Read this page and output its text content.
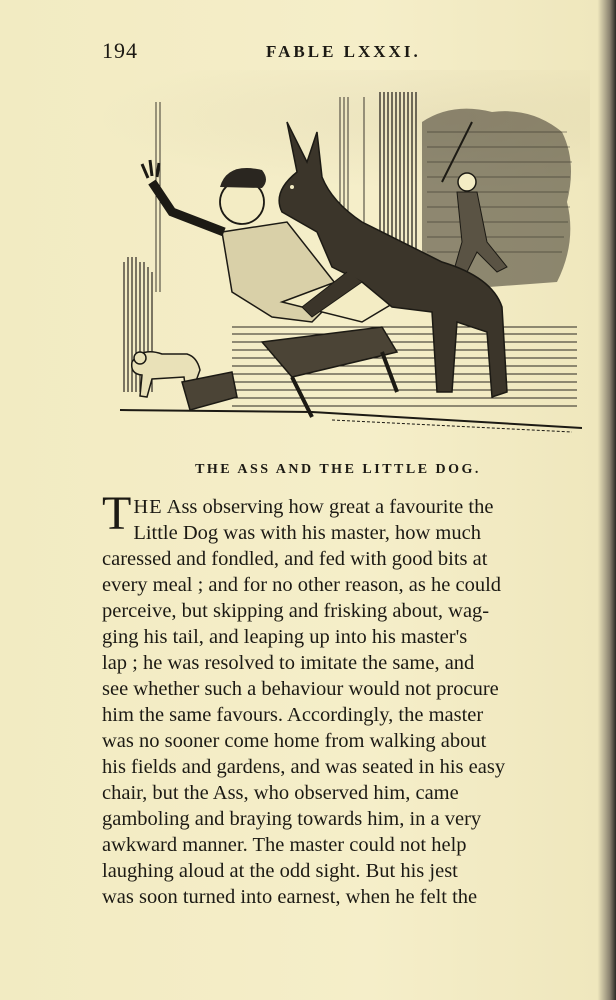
194	FABLE LXXXI.
THE ASS AND THE LITTLE DOG.
T HE Ass observing how great a favourite the
Little Dog was with his master, how much
caressed and fondled, and fed with good bits at
every meal ; and for no other reason, as he could
perceive, but skipping and frisking about, wag-
ging his tail, and leaping up into his master's
lap ; he was resolved to imitate the same, and
see whether such a behaviour would not procure
him the same favours. Accordingly, the master
was no sooner come home from walking about
his fields and gardens, and was seated in his easy
chair, but the Ass, who observed him, came
gamboling and braying towards him, in a very
awkward manner. The master could not help
laughing aloud at the odd sight. But his jest
was soon turned into earnest, when he felt the
